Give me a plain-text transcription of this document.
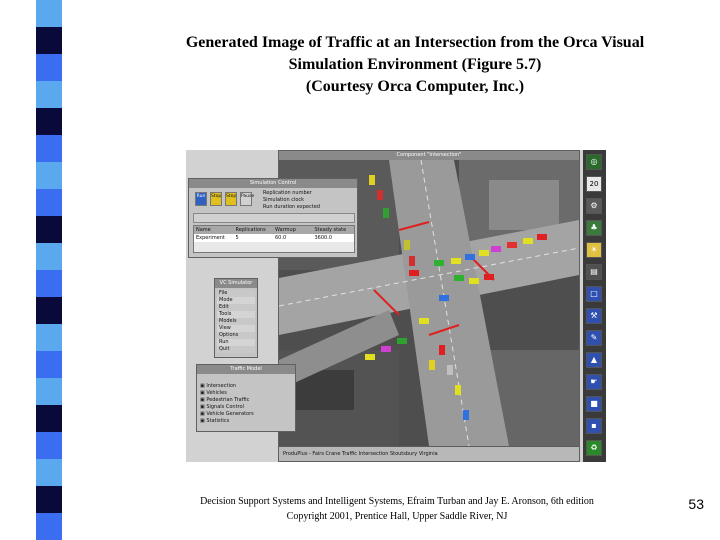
Generated Image of Traffic at an Intersection from the Orca Visual
Simulation Environment (Figure 5.7)
(Courtesy Orca Computer, Inc.)
Component "Intersection"
ProduPlus - Fairs Crane Traffic Intersection Stoutsbury Virginia
Simulation Control
Run	Stop Step Pause
Replication number
Simulation clock
Run duration expected
Name	Replications	Warmup	Steady state
Experiment	5	60.0	3600.0
VC Simulator
File
Mode
Edit
Tools
Models
View
Options
Run
Quit
Traffic Model
▣ Intersection
▣ Vehicles
▣ Pedestrian Traffic
▣ Signals Control
▣ Vehicle Generators
▣ Statistics
◎
20
⚙
♣
☀
▤
□
⚒
✎
▲
☛
■
▪
♻
Decision Support Systems and Intelligent Systems, Efraim Turban and Jay E. Aronson, 6th edition
Copyright 2001, Prentice Hall, Upper Saddle River, NJ
53
